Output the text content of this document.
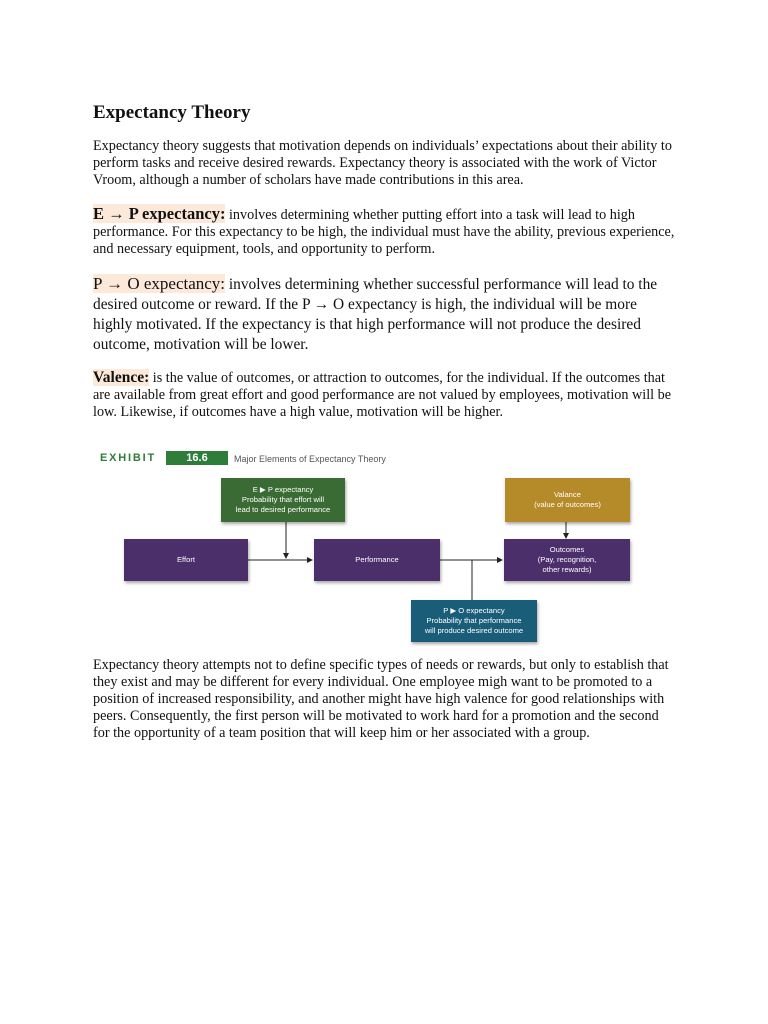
Expectancy Theory

Expectancy theory suggests that motivation depends on individuals’ expectations about their ability to perform tasks and receive desired rewards. Expectancy theory is associated with the work of Victor Vroom, although a number of scholars have made contributions in this area.

E → P expectancy: involves determining whether putting effort into a task will lead to high performance. For this expectancy to be high, the individual must have the ability, previous experience, and necessary equipment, tools, and opportunity to perform.

P → O expectancy: involves determining whether successful performance will lead to the desired outcome or reward. If the P → O expectancy is high, the individual will be more highly motivated. If the expectancy is that high performance will not produce the desired outcome, motivation will be lower.

Valence: is the value of outcomes, or attraction to outcomes, for the individual. If the outcomes that are available from great effort and good performance are not valued by employees, motivation will be low. Likewise, if outcomes have a high value, motivation will be higher.

EXHIBIT	16.6	Major Elements of Expectancy Theory
E ▶ P expectancy
Probability that effort will
lead to desired performance
Valance
(value of outcomes)
Effort	Performance
Outcomes
(Pay, recognition,
other rewards)
P ▶ O expectancy
Probability that performance
will produce desired outcome

Expectancy theory attempts not to define specific types of needs or rewards, but only to establish that they exist and may be different for every individual. One employee migh want to be promoted to a position of increased responsibility, and another might have high valence for good relationships with peers. Consequently, the first person will be motivated to work hard for a promotion and the second for the opportunity of a team position that will keep him or her associated with a group.
